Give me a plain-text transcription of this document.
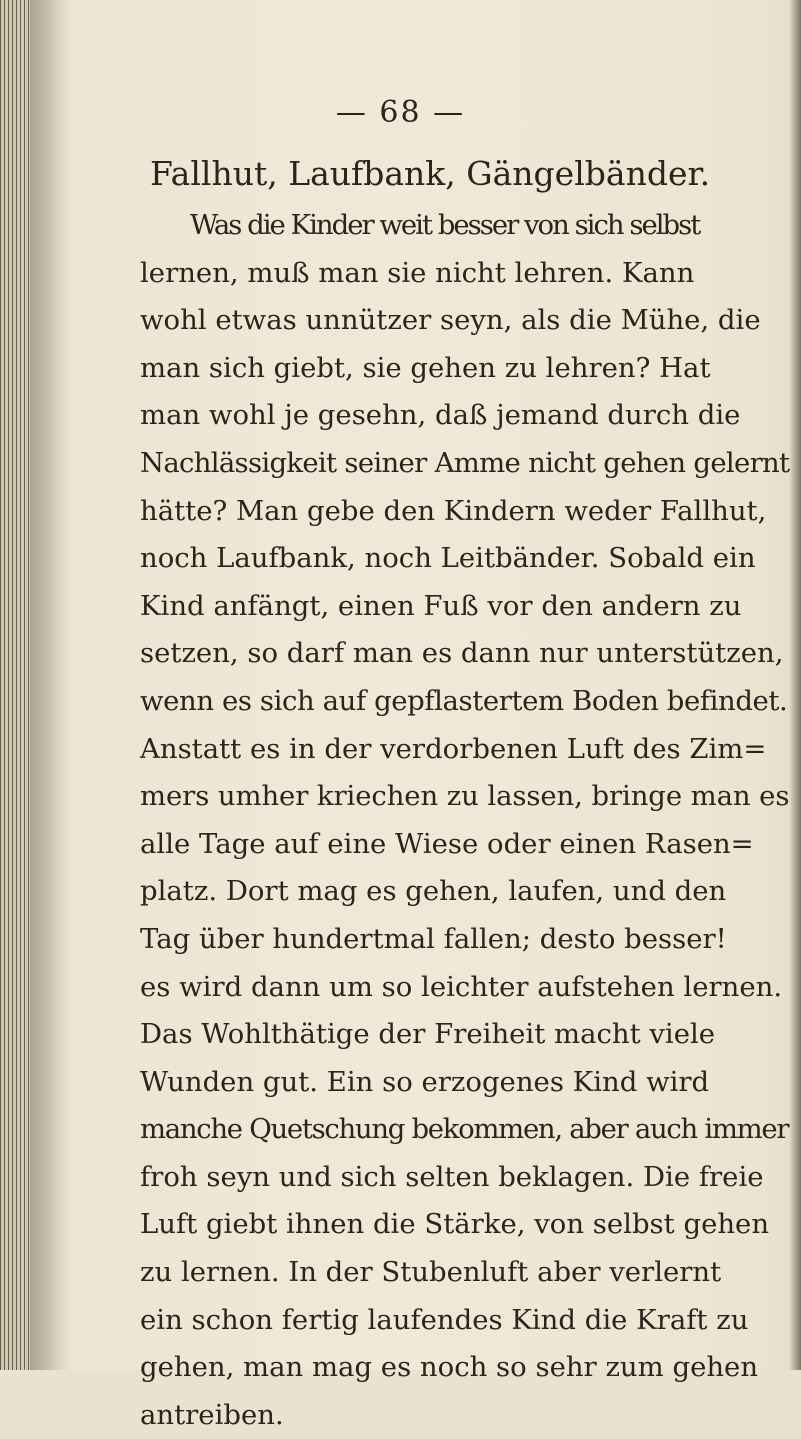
— 68 —
Fallhut, Laufbank, Gängelbänder.
Was die Kinder weit besser von sich selbst
lernen, muß man sie nicht lehren. Kann
wohl etwas unnützer seyn, als die Mühe, die
man sich giebt, sie gehen zu lehren? Hat
man wohl je gesehn, daß jemand durch die
Nachlässigkeit seiner Amme nicht gehen gelernt
hätte? Man gebe den Kindern weder Fallhut,
noch Laufbank, noch Leitbänder. Sobald ein
Kind anfängt, einen Fuß vor den andern zu
setzen, so darf man es dann nur unterstützen,
wenn es sich auf gepflastertem Boden befindet.
Anstatt es in der verdorbenen Luft des Zim=
mers umher kriechen zu lassen, bringe man es
alle Tage auf eine Wiese oder einen Rasen=
platz. Dort mag es gehen, laufen, und den
Tag über hundertmal fallen; desto besser!
es wird dann um so leichter aufstehen lernen.
Das Wohlthätige der Freiheit macht viele
Wunden gut. Ein so erzogenes Kind wird
manche Quetschung bekommen, aber auch immer
froh seyn und sich selten beklagen. Die freie
Luft giebt ihnen die Stärke, von selbst gehen
zu lernen. In der Stubenluft aber verlernt
ein schon fertig laufendes Kind die Kraft zu
gehen, man mag es noch so sehr zum gehen
antreiben.
